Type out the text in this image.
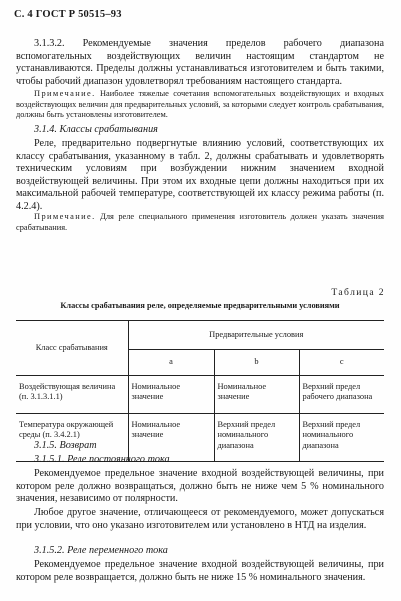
С. 4 ГОСТ Р 50515–93
3.1.3.2. Рекомендуемые значения пределов рабочего диапазона вспомогательных воздействующих величин настоящим стандартом не устанавливаются. Пределы должны устанавливаться изготовителем и быть такими, чтобы рабочий диапазон удовлетворял требованиям настоящего стандарта.
Примечание. Наиболее тяжелые сочетания вспомогательных воздействующих и входных воздействующих величин для предварительных условий, за которыми следует контроль срабатывания, должны быть установлены изготовителем.
3.1.4. Классы срабатывания
Реле, предварительно подвергнутые влиянию условий, соответствующих их классу срабатывания, указанному в табл. 2, должны срабатывать и удовлетворять техническим условиям при возбуждении нижним значением входной воздействующей величины. При этом их входные цепи должны находиться при их максимальной рабочей температуре, соответствующей их классу режима работы (п. 4.2.4).
Примечание. Для реле специального применения изготовитель должен указать значения срабатывания.
Таблица 2
Классы срабатывания реле, определяемые предварительными условиями
Класс срабатывания	Предварительные условия		
	а	b	с
Воздействующая величина (п. 3.1.3.1.1)	Номинальное значение	Номинальное значение	Верхний предел рабочего диапазона
Температура окружающей среды (п. 3.4.2.1)	Номинальное значение	Верхний предел номинального диапазона	Верхний предел номинального диапазона
3.1.5. Возврат
3.1.5.1. Реле постоянного тока
Рекомендуемое предельное значение входной воздействующей величины, при котором реле должно возвращаться, должно быть не ниже чем 5 % номинального значения, независимо от полярности.
Любое другое значение, отличающееся от рекомендуемого, может допускаться при условии, что оно указано изготовителем или установлено в НТД на изделия.
3.1.5.2. Реле переменного тока
Рекомендуемое предельное значение входной воздействующей величины, при котором реле возвращается, должно быть не ниже 15 % номинального значения.
